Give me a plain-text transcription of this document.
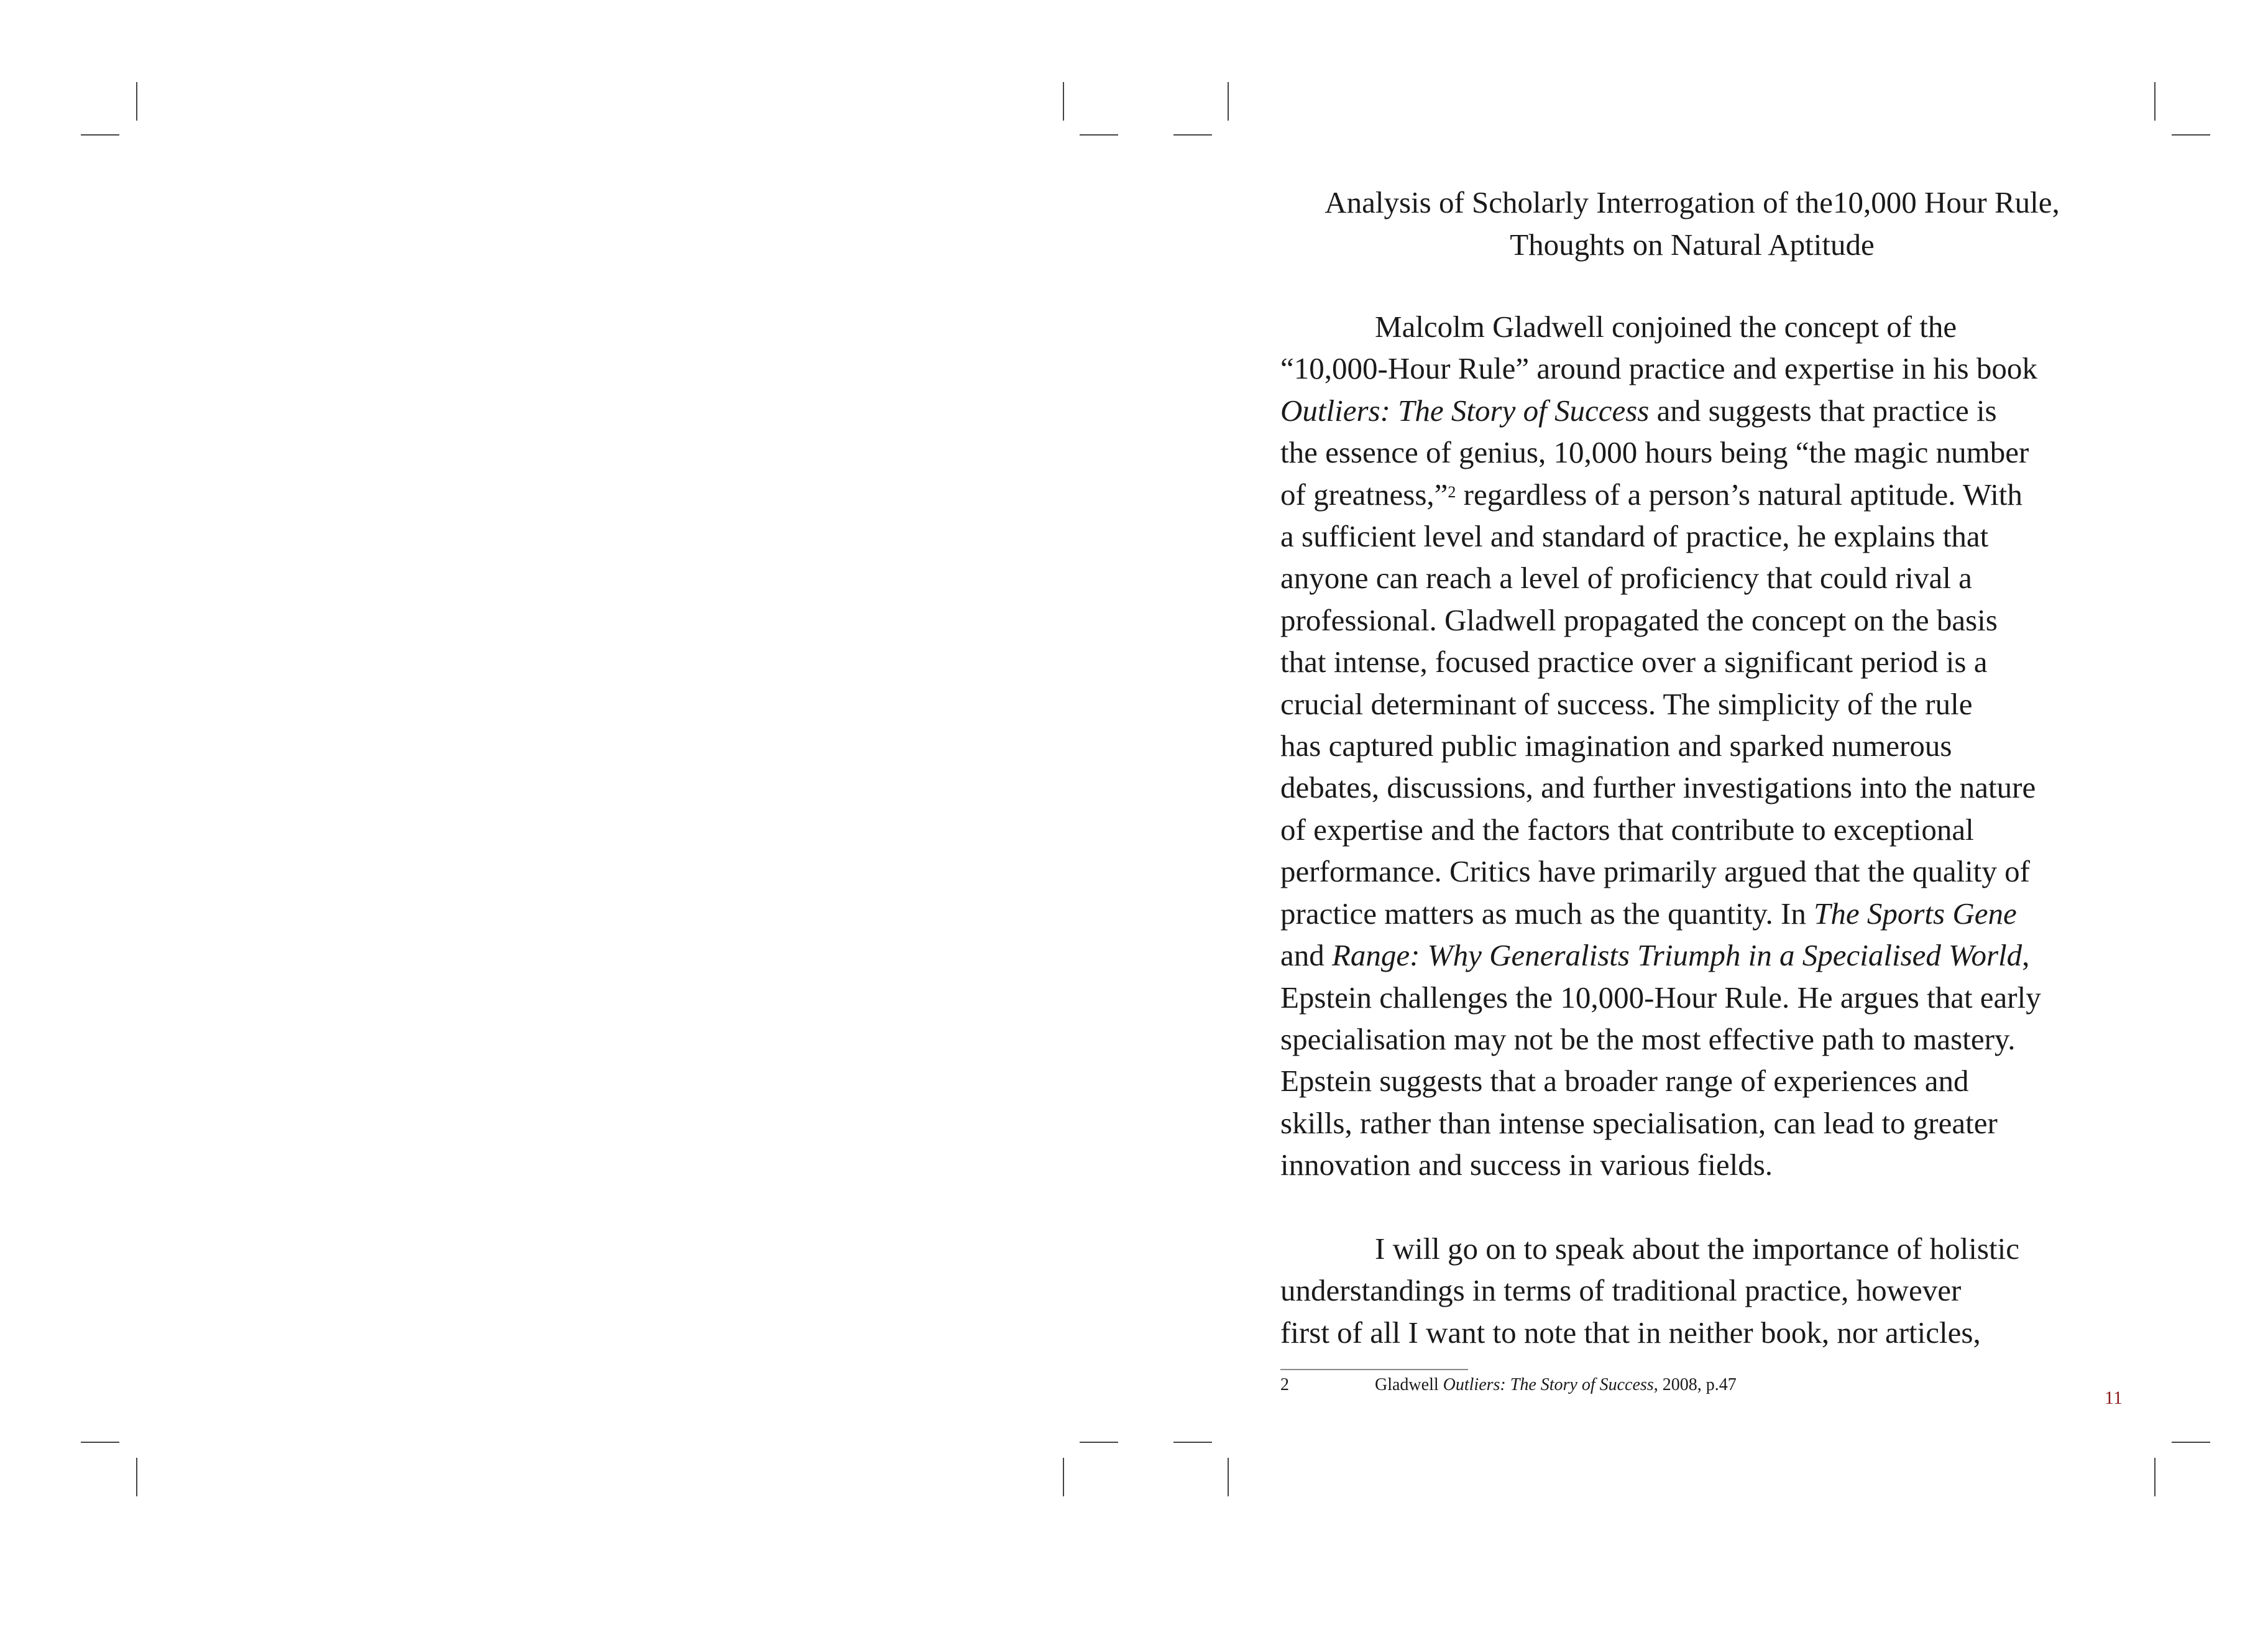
Analysis of Scholarly Interrogation of the10,000 Hour Rule,
Thoughts on Natural Aptitude
Malcolm Gladwell conjoined the concept of the
“10,000-Hour Rule” around practice and expertise in his book
Outliers: The Story of Success and suggests that practice is
the essence of genius, 10,000 hours being “the magic number
of greatness,”$^2$ regardless of a person’s natural aptitude. With
a sufficient level and standard of practice, he explains that
anyone can reach a level of proficiency that could rival a
professional. Gladwell propagated the concept on the basis
that intense, focused practice over a significant period is a
crucial determinant of success. The simplicity of the rule
has captured public imagination and sparked numerous
debates, discussions, and further investigations into the nature
of expertise and the factors that contribute to exceptional
performance. Critics have primarily argued that the quality of
practice matters as much as the quantity. In The Sports Gene
and Range: Why Generalists Triumph in a Specialised World,
Epstein challenges the 10,000-Hour Rule. He argues that early
specialisation may not be the most effective path to mastery.
Epstein suggests that a broader range of experiences and
skills, rather than intense specialisation, can lead to greater
innovation and success in various fields.
I will go on to speak about the importance of holistic
understandings in terms of traditional practice, however
first of all I want to note that in neither book, nor articles,
2	Gladwell Outliers: The Story of Success, 2008, p.47
11
